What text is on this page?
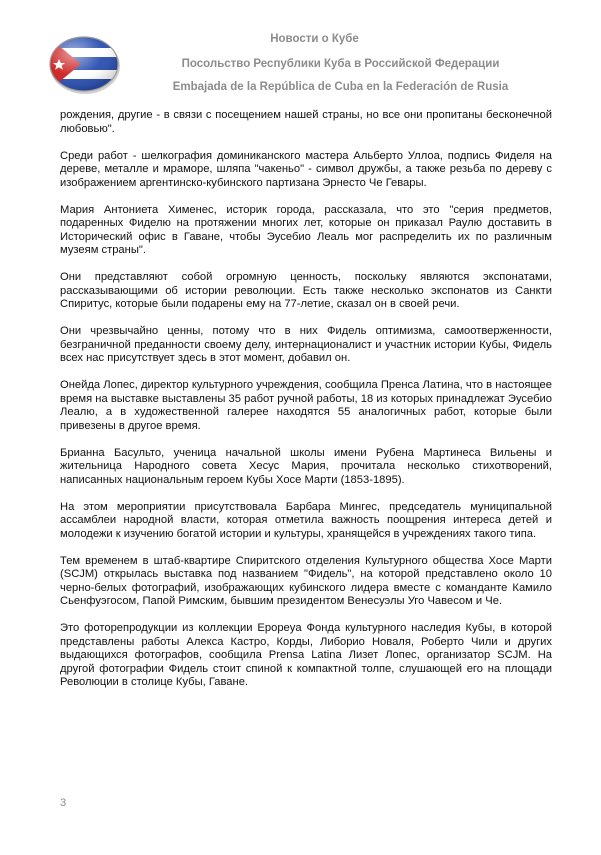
Новости о Кубе
Посольство Республики Куба в Российской Федерации
Embajada de la República de Cuba en la Federación de Rusia

рождения, другие - в связи с посещением нашей страны, но все они пропитаны бесконечной любовью".

Среди работ - шелкография доминиканского мастера Альберто Уллоа, подпись Фиделя на дереве, металле и мраморе, шляпа "чакеньо" - символ дружбы, а также резьба по дереву с изображением аргентинско-кубинского партизана Эрнесто Че Гевары.

Мария Антониета Хименес, историк города, рассказала, что это "серия предметов, подаренных Фиделю на протяжении многих лет, которые он приказал Раулю доставить в Исторический офис в Гаване, чтобы Эусебио Леаль мог распределить их по различным музеям страны".

Они представляют собой огромную ценность, поскольку являются экспонатами, рассказывающими об истории революции. Есть также несколько экспонатов из Санкти Спиритус, которые были подарены ему на 77-летие, сказал он в своей речи.

Они чрезвычайно ценны, потому что в них Фидель оптимизма, самоотверженности, безграничной преданности своему делу, интернационалист и участник истории Кубы, Фидель всех нас присутствует здесь в этот момент, добавил он.

Онейда Лопес, директор культурного учреждения, сообщила Пренса Латина, что в настоящее время на выставке выставлены 35 работ ручной работы, 18 из которых принадлежат Эусебио Леалю, а в художественной галерее находятся 55 аналогичных работ, которые были привезены в другое время.

Брианна Басульто, ученица начальной школы имени Рубена Мартинеса Вильены и жительница Народного совета Хесус Мария, прочитала несколько стихотворений, написанных национальным героем Кубы Хосе Марти (1853-1895).

На этом мероприятии присутствовала Барбара Мингес, председатель муниципальной ассамблеи народной власти, которая отметила важность поощрения интереса детей и молодежи к изучению богатой истории и культуры, хранящейся в учреждениях такого типа.

Тем временем в штаб-квартире Спиритского отделения Культурного общества Хосе Марти (SCJM) открылась выставка под названием "Фидель", на которой представлено около 10 черно-белых фотографий, изображающих кубинского лидера вместе с команданте Камило Сьенфуэгосом, Папой Римским, бывшим президентом Венесуэлы Уго Чавесом и Че.

Это фоторепродукции из коллекции Ероpeya Фонда культурного наследия Кубы, в которой представлены работы Алекса Кастро, Корды, Либорио Новаля, Роберто Чили и других выдающихся фотографов, сообщила Prensa Latina Лизет Лопес, организатор SCJM. На другой фотографии Фидель стоит спиной к компактной толпе, слушающей его на площади Революции в столице Кубы, Гаване.

3
